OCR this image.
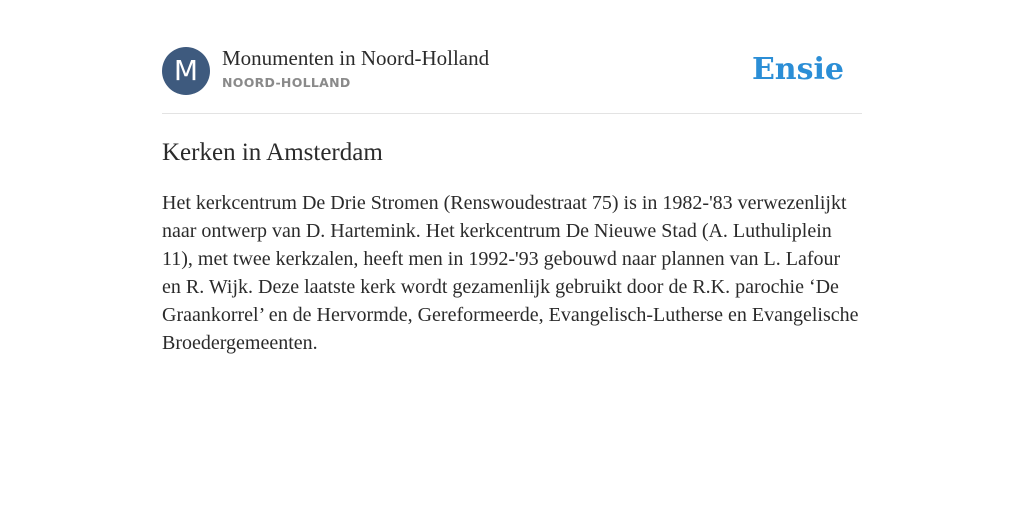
M	Monumenten in Noord-Holland
NOORD-HOLLAND	Ensie
Kerken in Amsterdam

Het kerkcentrum De Drie Stromen (Renswoudestraat 75) is in 1982-'83 verwezenlijkt naar ontwerp van D. Hartemink. Het kerkcentrum De Nieuwe Stad (A. Luthuliplein 11), met twee kerkzalen, heeft men in 1992-'93 gebouwd naar plannen van L. Lafour en R. Wijk. Deze laatste kerk wordt gezamenlijk gebruikt door de R.K. parochie ‘De Graankorrel’ en de Hervormde, Gereformeerde, Evangelisch-Lutherse en Evangelische Broedergemeenten.
